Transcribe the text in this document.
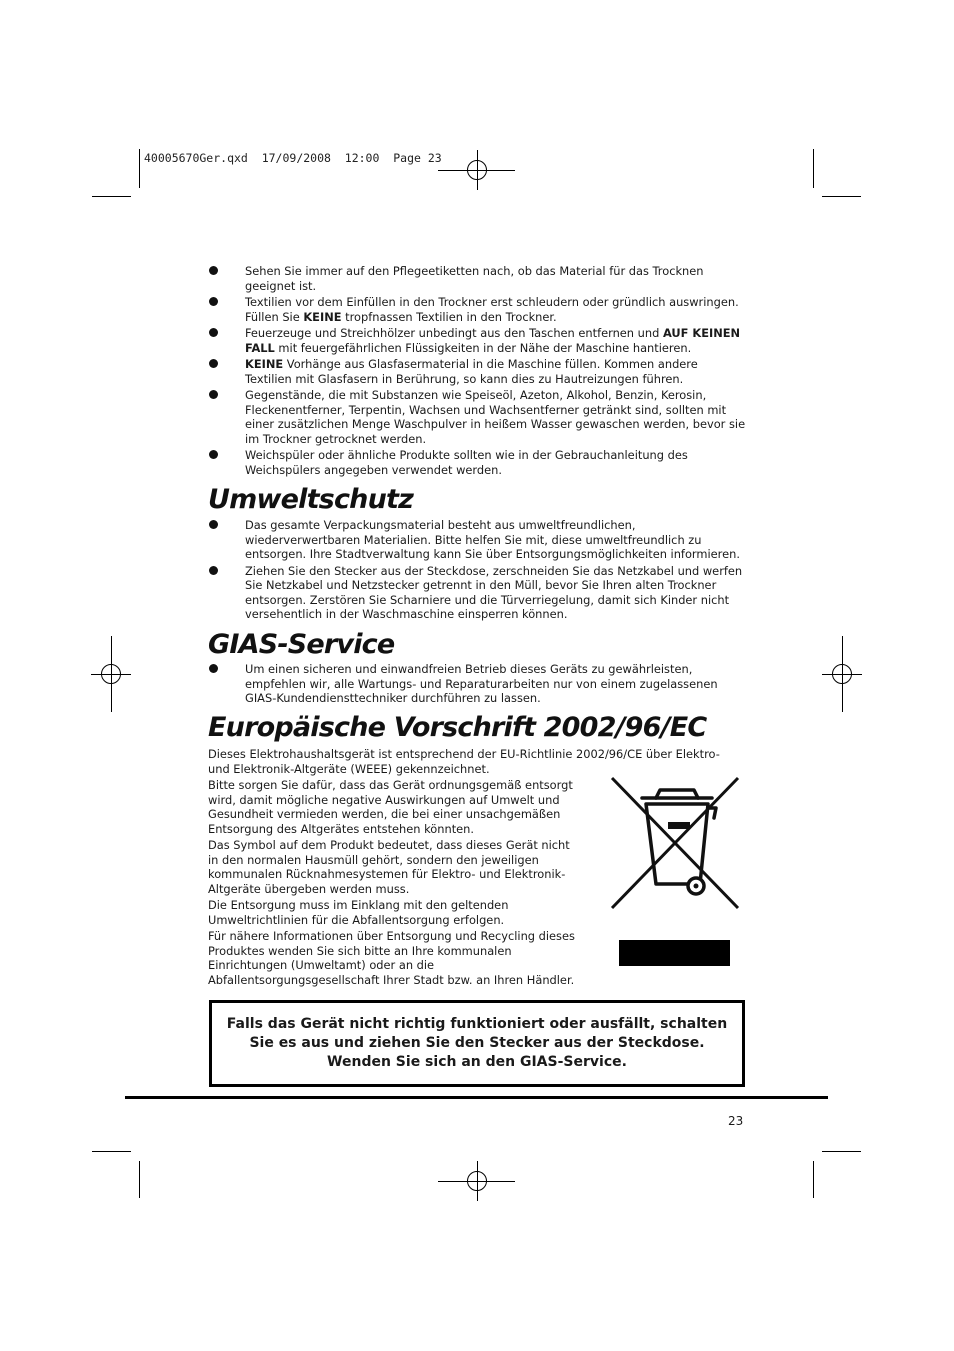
40005670Ger.qxd  17/09/2008  12:00  Page 23
Sehen Sie immer auf den Pflegeetiketten nach, ob das Material für das Trocknen geeignet ist.
Textilien vor dem Einfüllen in den Trockner erst schleudern oder gründlich auswringen. Füllen Sie KEINE tropfnassen Textilien in den Trockner.
Feuerzeuge und Streichhölzer unbedingt aus den Taschen entfernen und AUF KEINEN FALL mit feuergefährlichen Flüssigkeiten in der Nähe der Maschine hantieren.
KEINE Vorhänge aus Glasfasermaterial in die Maschine füllen. Kommen andere Textilien mit Glasfasern in Berührung, so kann dies zu Hautreizungen führen.
Gegenstände, die mit Substanzen wie Speiseöl, Azeton, Alkohol, Benzin, Kerosin, Fleckenentferner, Terpentin, Wachsen und Wachsentferner getränkt sind, sollten mit einer zusätzlichen Menge Waschpulver in heißem Wasser gewaschen werden, bevor sie im Trockner getrocknet werden.
Weichspüler oder ähnliche Produkte sollten wie in der Gebrauchanleitung des Weichspülers angegeben verwendet werden.
Umweltschutz
Das gesamte Verpackungsmaterial besteht aus umweltfreundlichen, wiederverwertbaren Materialien. Bitte helfen Sie mit, diese umweltfreundlich zu entsorgen. Ihre Stadtverwaltung kann Sie über Entsorgungsmöglichkeiten informieren.
Ziehen Sie den Stecker aus der Steckdose, zerschneiden Sie das Netzkabel und werfen Sie Netzkabel und Netzstecker getrennt in den Müll, bevor Sie Ihren alten Trockner entsorgen. Zerstören Sie Scharniere und die Türverriegelung, damit sich Kinder nicht versehentlich in der Waschmaschine einsperren können.
GIAS-Service
Um einen sicheren und einwandfreien Betrieb dieses Geräts zu gewährleisten, empfehlen wir, alle Wartungs- und Reparaturarbeiten nur von einem zugelassenen GIAS-Kundendiensttechniker durchführen zu lassen.
Europäische Vorschrift 2002/96/EC
Dieses Elektrohaushaltsgerät ist entsprechend der EU-Richtlinie 2002/96/CE über Elektro- und Elektronik-Altgeräte (WEEE) gekennzeichnet.
Bitte sorgen Sie dafür, dass das Gerät ordnungsgemäß entsorgt wird, damit mögliche negative Auswirkungen auf Umwelt und Gesundheit vermieden werden, die bei einer unsachgemäßen Entsorgung des Altgerätes entstehen könnten.
Das Symbol auf dem Produkt bedeutet, dass dieses Gerät nicht in den normalen Hausmüll gehört, sondern den jeweiligen kommunalen Rücknahmesystemen für Elektro- und Elektronik-Altgeräte übergeben werden muss.
Die Entsorgung muss im Einklang mit den geltenden Umweltrichtlinien für die Abfallentsorgung erfolgen.
Für nähere Informationen über Entsorgung und Recycling dieses Produktes wenden Sie sich bitte an Ihre kommunalen Einrichtungen (Umweltamt) oder an die Abfallentsorgungsgesellschaft Ihrer Stadt bzw. an Ihren Händler.
Falls das Gerät nicht richtig funktioniert oder ausfällt, schalten Sie es aus und ziehen Sie den Stecker aus der Steckdose. Wenden Sie sich an den GIAS-Service.
23
